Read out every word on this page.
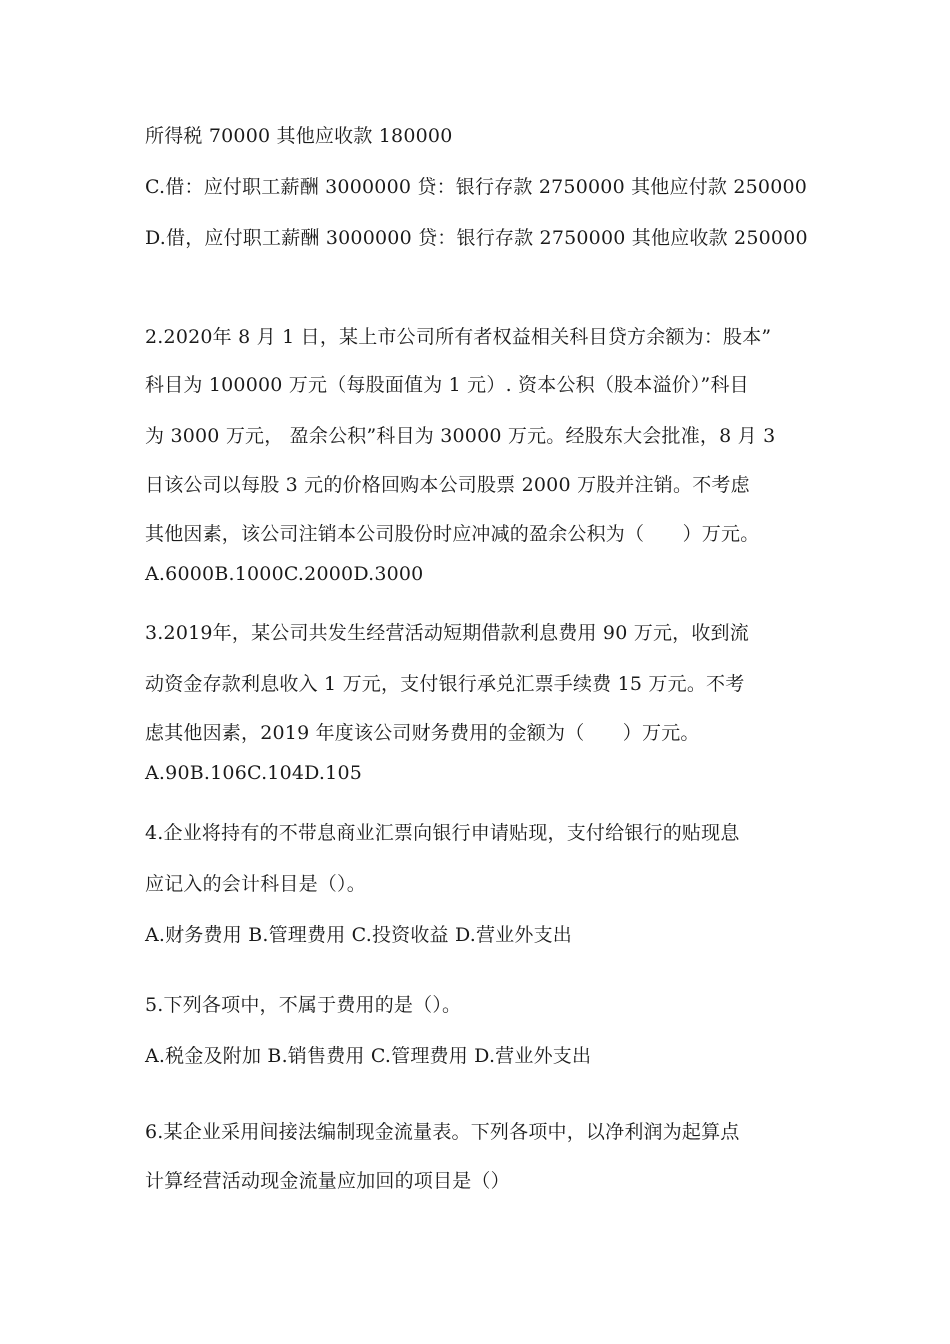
所得税 70000 其他应收款 180000
C.借：应付职工薪酬 3000000 贷：银行存款 2750000 其他应付款 250000
D.借，应付职工薪酬 3000000 贷：银行存款 2750000 其他应收款 250000
2.2020年 8 月 1 日，某上市公司所有者权益相关科目贷方余额为：股本”
科目为 100000 万元（每股面值为 1 元）. 资本公积（股本溢价）”科目
为 3000 万元， 盈余公积”科目为 30000 万元。经股东大会批准，8 月 3
日该公司以每股 3 元的价格回购本公司股票 2000 万股并注销。不考虑
其他因素，该公司注销本公司股份时应冲减的盈余公积为（　　）万元。
A.6000B.1000C.2000D.3000
3.2019年，某公司共发生经营活动短期借款利息费用 90 万元，收到流
动资金存款利息收入 1 万元，支付银行承兑汇票手续费 15 万元。不考
虑其他因素，2019 年度该公司财务费用的金额为（　　）万元。
A.90B.106C.104D.105
4.企业将持有的不带息商业汇票向银行申请贴现，支付给银行的贴现息
应记入的会计科目是（）。
A.财务费用 B.管理费用 C.投资收益 D.营业外支出
5.下列各项中，不属于费用的是（）。
A.税金及附加 B.销售费用 C.管理费用 D.营业外支出
6.某企业采用间接法编制现金流量表。下列各项中，以净利润为起算点
计算经营活动现金流量应加回的项目是（）
